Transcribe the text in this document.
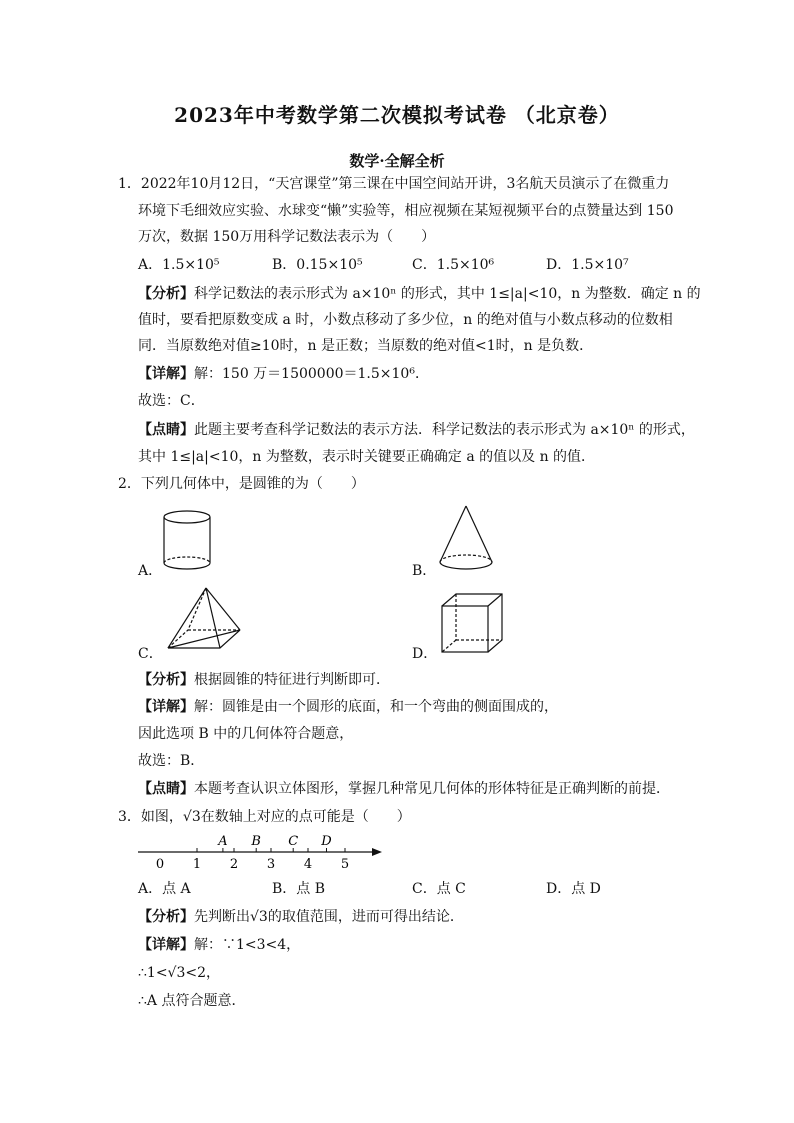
2023年中考数学第二次模拟考试卷 （北京卷）
数学·全解全析
1．2022年10月12日，“天宫课堂”第三课在中国空间站开讲，3名航天员演示了在微重力
环境下毛细效应实验、水球变“懒”实验等，相应视频在某短视频平台的点赞量达到 150
万次，数据 150万用科学记数法表示为（　　）
A．1.5×10⁵	B．0.15×10⁵	C．1.5×10⁶	D．1.5×10⁷
【分析】科学记数法的表示形式为 a×10ⁿ 的形式，其中 1≤|a|<10，n 为整数．确定 n 的
值时，要看把原数变成 a 时，小数点移动了多少位，n 的绝对值与小数点移动的位数相
同．当原数绝对值≥10时，n 是正数；当原数的绝对值<1时，n 是负数．
【详解】解：150 万＝1500000＝1.5×10⁶．
故选：C．
【点睛】此题主要考查科学记数法的表示方法．科学记数法的表示形式为 a×10ⁿ 的形式，
其中 1≤|a|<10，n 为整数，表示时关键要正确确定 a 的值以及 n 的值．
2．下列几何体中，是圆锥的为（　　）
A．	B．
C．	D．
【分析】根据圆锥的特征进行判断即可．
【详解】解：圆锥是由一个圆形的底面，和一个弯曲的侧面围成的，
因此选项 B 中的几何体符合题意，
故选：B．
【点睛】本题考查认识立体图形，掌握几种常见几何体的形体特征是正确判断的前提．
3．如图，√3在数轴上对应的点可能是（　　）
0 1 2 3 4 5
A B C D
A．点 A	B．点 B	C．点 C	D．点 D
【分析】先判断出√3的取值范围，进而可得出结论．
【详解】解：∵1<3<4，
∴1<√3<2，
∴A 点符合题意．
